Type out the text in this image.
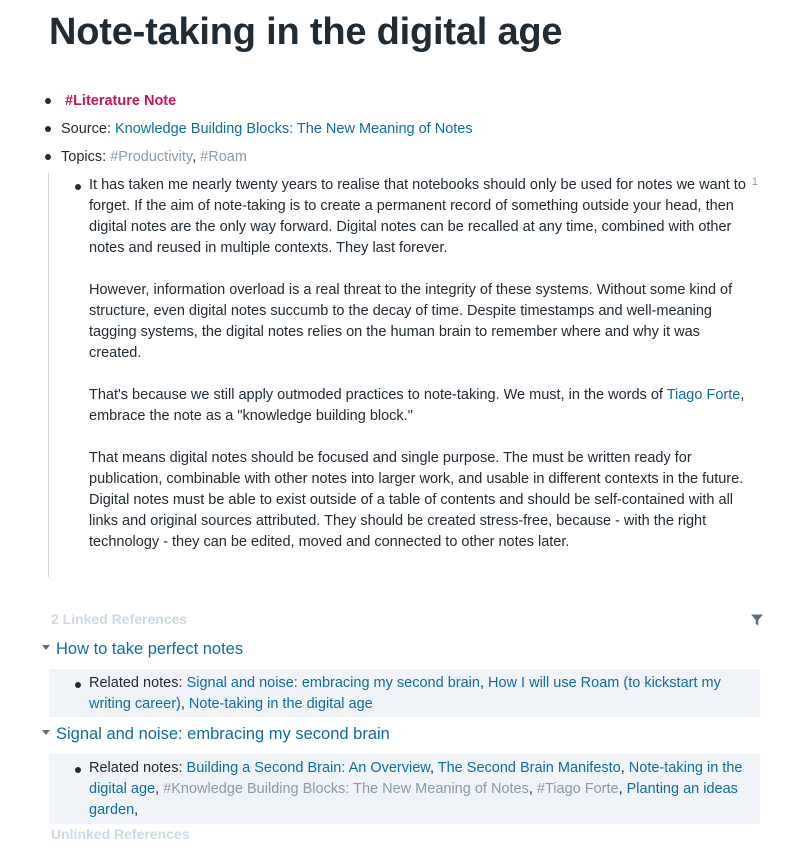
Note-taking in the digital age
#Literature Note
Source: Knowledge Building Blocks: The New Meaning of Notes
Topics: #Productivity, #Roam

It has taken me nearly twenty years to realise that notebooks should only be used for notes we want to forget. If the aim of note-taking is to create a permanent record of something outside your head, then digital notes are the only way forward. Digital notes can be recalled at any time, combined with other notes and reused in multiple contexts. They last forever.

However, information overload is a real threat to the integrity of these systems. Without some kind of structure, even digital notes succumb to the decay of time. Despite timestamps and well-meaning tagging systems, the digital notes relies on the human brain to remember where and why it was created.

That's because we still apply outmoded practices to note-taking. We must, in the words of Tiago Forte, embrace the note as a "knowledge building block."

That means digital notes should be focused and single purpose. The must be written ready for publication, combinable with other notes into larger work, and usable in different contexts in the future. Digital notes must be able to exist outside of a table of contents and should be self-contained with all links and original sources attributed. They should be created stress-free, because - with the right technology - they can be edited, moved and connected to other notes later.

1
2 Linked References
How to take perfect notes
Related notes: Signal and noise: embracing my second brain, How I will use Roam (to kickstart my writing career), Note-taking in the digital age
Signal and noise: embracing my second brain
Related notes: Building a Second Brain: An Overview, The Second Brain Manifesto, Note-taking in the digital age, #Knowledge Building Blocks: The New Meaning of Notes, #Tiago Forte, Planting an ideas garden,
Unlinked References
